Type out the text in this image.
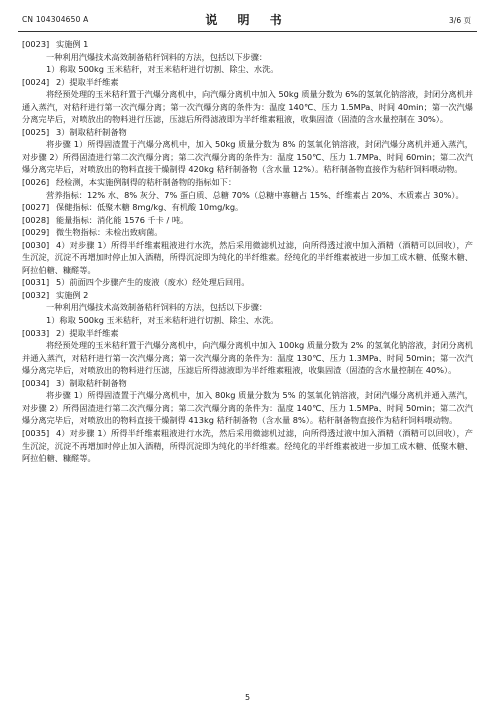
CN 104304650 A	说 明 书	3/6 页

[0023] 实施例 1

一种利用汽爆技术高效制备秸秆饲料的方法，包括以下步骤：

1）称取 500kg 玉米秸秆，对玉米秸秆进行切割、除尘、水洗。

[0024] 2）提取半纤维素

将经预处理的玉米秸秆置于汽爆分离机中，向汽爆分离机中加入 50kg 质量分数为 6%的氢氧化钠溶液，封闭分离机并通入蒸汽，对秸秆进行第一次汽爆分离；第一次汽爆分离的条件为：温度 140℃、压力 1.5MPa、时间 40min；第一次汽爆分离完毕后，对喷放出的物料进行压滤，压滤后所得滤液即为半纤维素粗液，收集固渣（固渣的含水量控制在 30%）。

[0025] 3）制取秸秆制备物

将步骤 1）所得固渣置于汽爆分离机中，加入 50kg 质量分数为 8% 的氢氧化钠溶液，封闭汽爆分离机并通入蒸汽，对步骤 2）所得固渣进行第二次汽爆分离；第二次汽爆分离的条件为：温度 150℃、压力 1.7MPa、时间 60min；第二次汽爆分离完毕后，对喷放出的物料直接干燥制得 420kg 秸秆制备物（含水量 12%）。秸秆制备物直接作为秸秆饲料喂动物。

[0026] 经检测，本实施例制得的秸秆制备物的指标如下：

营养指标：12% 水、8% 灰分、7% 蛋白质、总糖 70%（总糖中寡糖占 15%、纤维素占 20%、木质素占 30%）。

[0027] 保健指标：低聚木糖 8mg/kg、有机酸 10mg/kg。

[0028] 能量指标：消化能 1576 千卡 / 吨。

[0029] 微生物指标：未检出致病菌。

[0030] 4）对步骤 1）所得半纤维素粗液进行水洗，然后采用微滤机过滤，向所得透过液中加入酒精（酒精可以回收），产生沉淀，沉淀不再增加时停止加入酒精，所得沉淀即为纯化的半纤维素。经纯化的半纤维素被进一步加工成木糖、低聚木糖、阿拉伯糖、糠醛等。

[0031] 5）前面四个步骤产生的废液（废水）经处理后回用。

[0032] 实施例 2

一种利用汽爆技术高效制备秸秆饲料的方法，包括以下步骤：

1）称取 500kg 玉米秸秆，对玉米秸秆进行切割、除尘、水洗。

[0033] 2）提取半纤维素

将经预处理的玉米秸秆置于汽爆分离机中，向汽爆分离机中加入 100kg 质量分数为 2% 的氢氧化钠溶液，封闭分离机并通入蒸汽，对秸秆进行第一次汽爆分离；第一次汽爆分离的条件为：温度 130℃、压力 1.3MPa、时间 50min；第一次汽爆分离完毕后，对喷放出的物料进行压滤，压滤后所得滤液即为半纤维素粗液，收集固渣（固渣的含水量控制在 40%）。

[0034] 3）制取秸秆制备物

将步骤 1）所得固渣置于汽爆分离机中，加入 80kg 质量分数为 5% 的氢氧化钠溶液，封闭汽爆分离机并通入蒸汽，对步骤 2）所得固渣进行第二次汽爆分离；第二次汽爆分离的条件为：温度 140℃、压力 1.5MPa、时间 50min；第二次汽爆分离完毕后，对喷放出的物料直接干燥制得 413kg 秸秆制备物（含水量 8%）。秸秆制备物直接作为秸秆饲料喂动物。

[0035] 4）对步骤 1）所得半纤维素粗液进行水洗，然后采用微滤机过滤，向所得透过液中加入酒精（酒精可以回收），产生沉淀，沉淀不再增加时停止加入酒精，所得沉淀即为纯化的半纤维素。经纯化的半纤维素被进一步加工成木糖、低聚木糖、阿拉伯糖、糠醛等。

5
